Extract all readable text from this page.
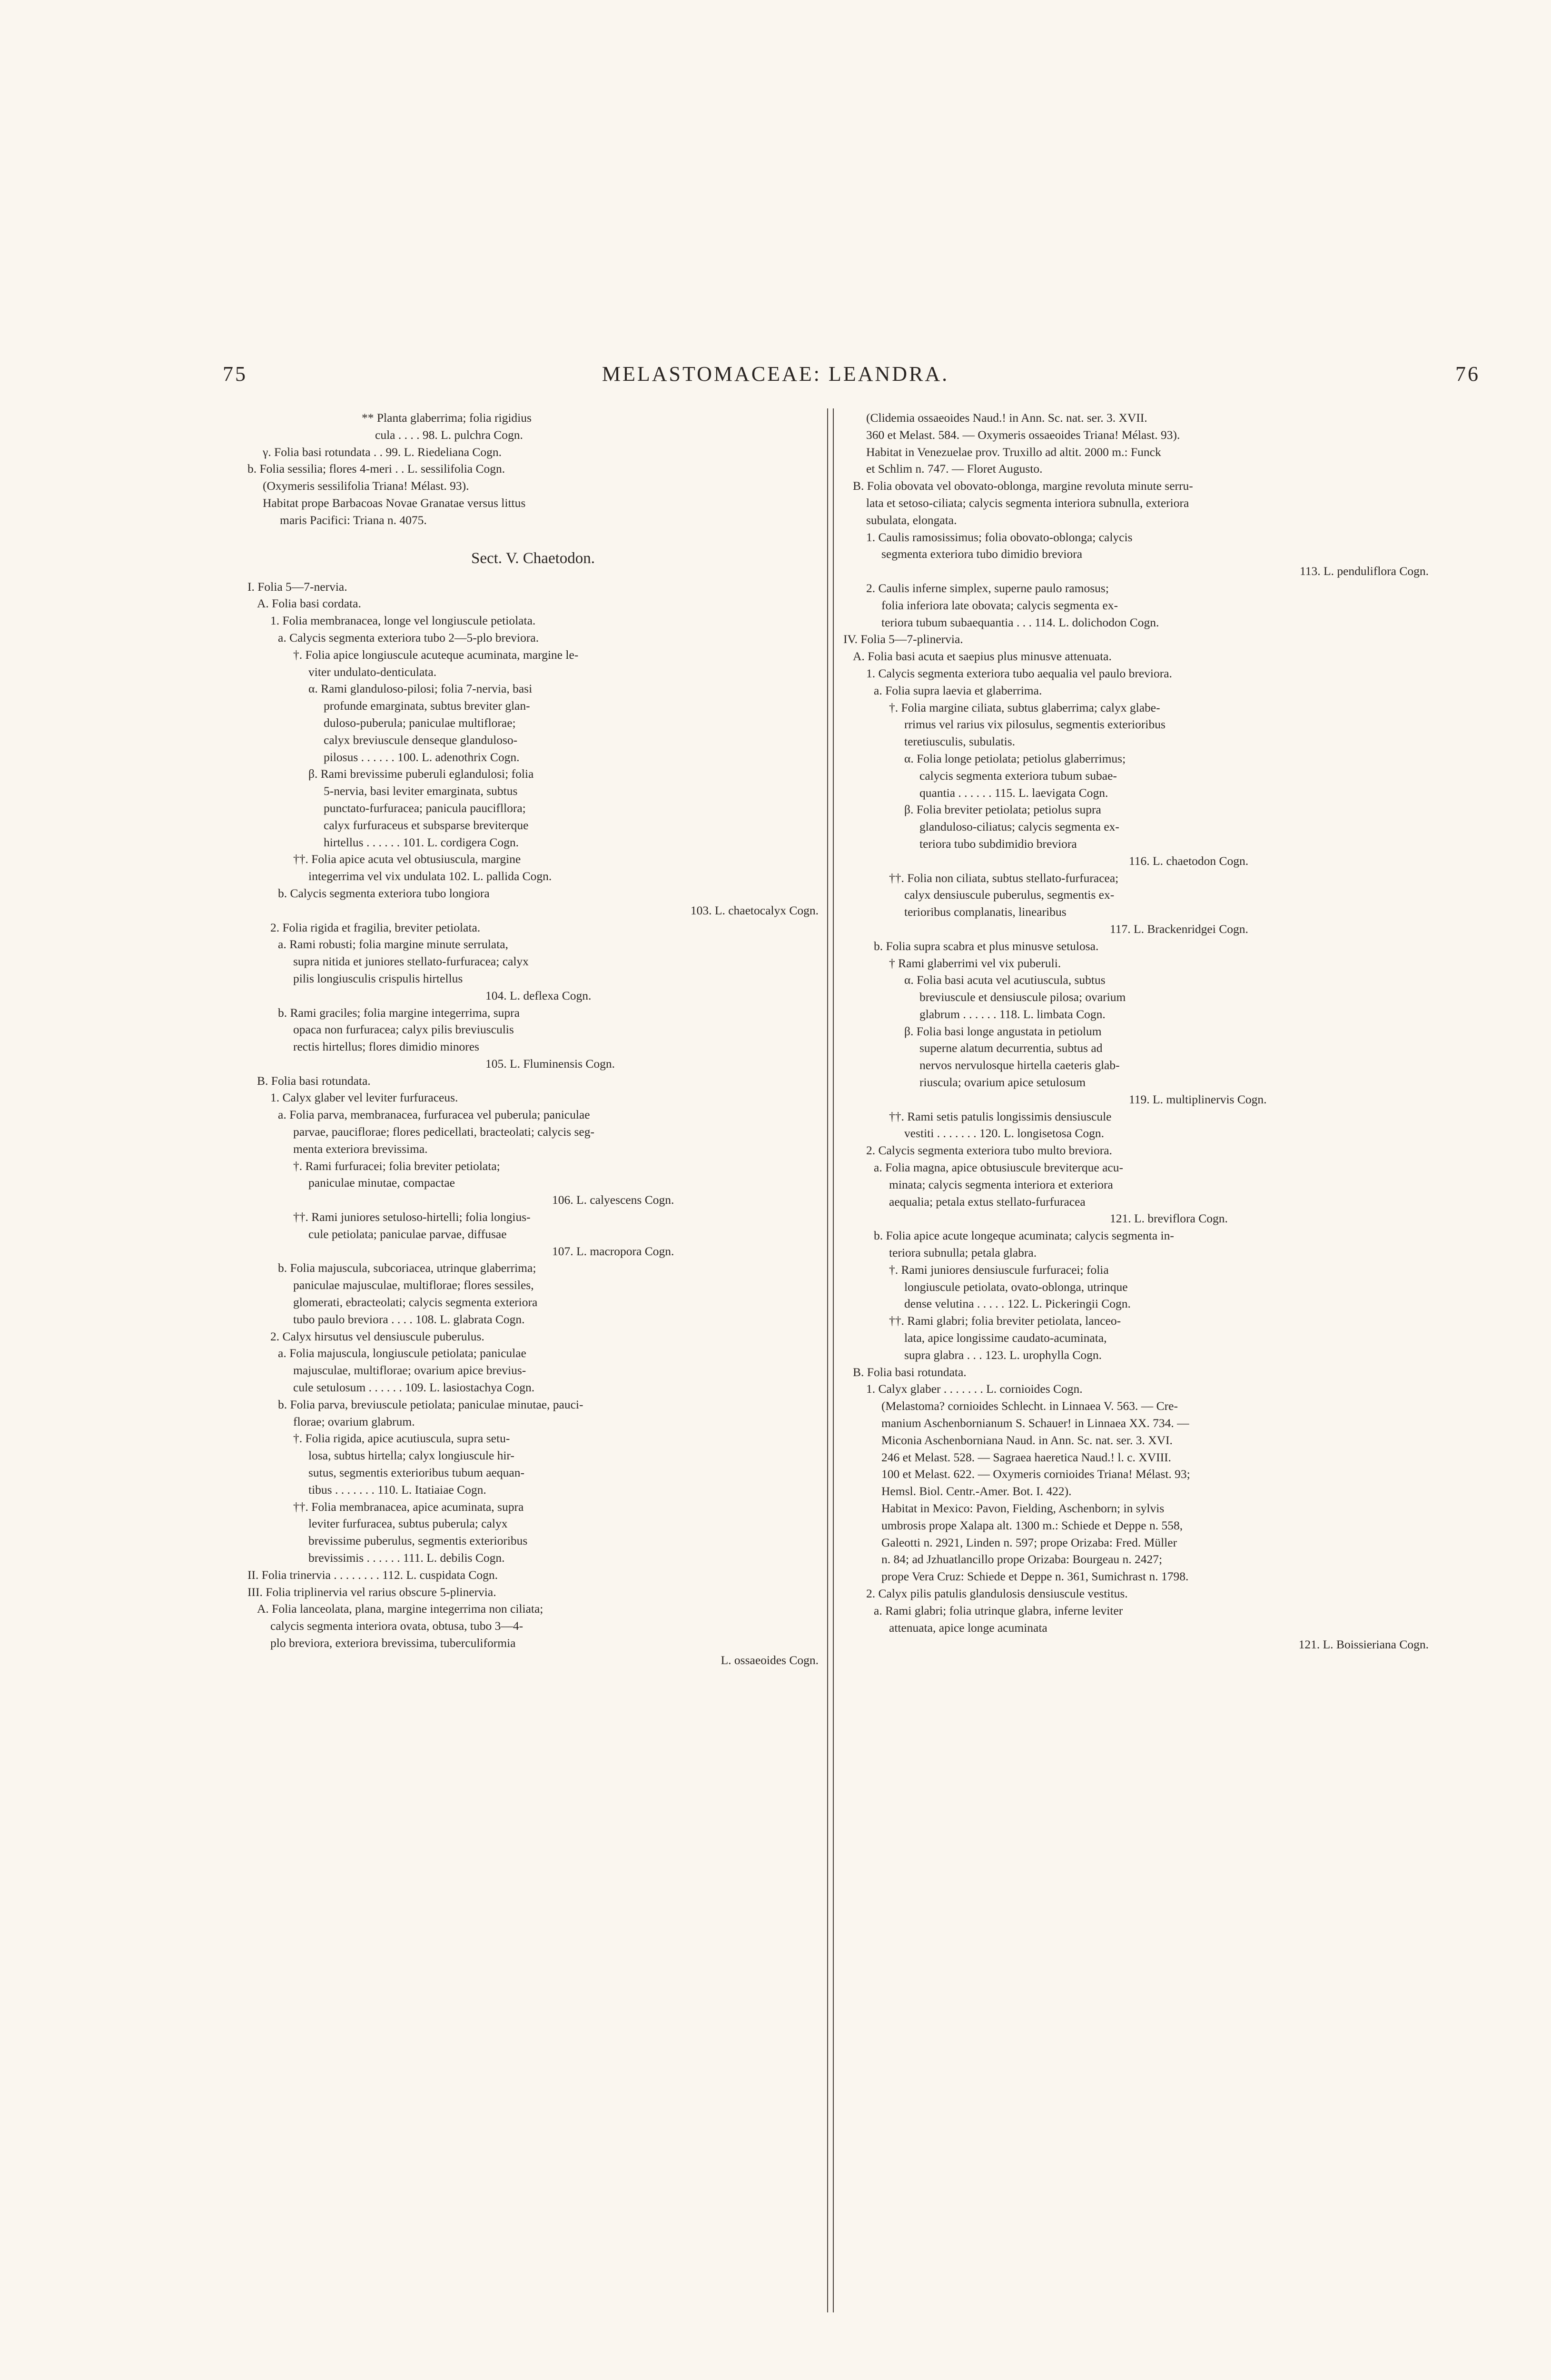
75	MELASTOMACEAE: LEANDRA.	76
** Planta glaberrima; folia rigidius
cula . . . . 98. L. pulchra Cogn.
γ. Folia basi rotundata . . 99. L. Riedeliana Cogn.
b. Folia sessilia; flores 4-meri . . L. sessilifolia Cogn.
(Oxymeris sessilifolia Triana! Mélast. 93).
Habitat prope Barbacoas Novae Granatae versus littus
maris Pacifici: Triana n. 4075.
Sect. V. Chaetodon.
I. Folia 5—7-nervia.
A. Folia basi cordata.
1. Folia membranacea, longe vel longiuscule petiolata.
a. Calycis segmenta exteriora tubo 2—5-plo breviora.
†. Folia apice longiuscule acuteque acuminata, margine le-
viter undulato-denticulata.
α. Rami glanduloso-pilosi; folia 7-nervia, basi
profunde emarginata, subtus breviter glan-
duloso-puberula; paniculae multiflorae;
calyx breviuscule denseque glanduloso-
pilosus . . . . . . 100. L. adenothrix Cogn.
β. Rami brevissime puberuli eglandulosi; folia
5-nervia, basi leviter emarginata, subtus
punctato-furfuracea; panicula paucifllora;
calyx furfuraceus et subsparse breviterque
hirtellus . . . . . . 101. L. cordigera Cogn.
††. Folia apice acuta vel obtusiuscula, margine
integerrima vel vix undulata 102. L. pallida Cogn.
b. Calycis segmenta exteriora tubo longiora
103. L. chaetocalyx Cogn.
2. Folia rigida et fragilia, breviter petiolata.
a. Rami robusti; folia margine minute serrulata,
supra nitida et juniores stellato-furfuracea; calyx
pilis longiusculis crispulis hirtellus
104. L. deflexa Cogn.
b. Rami graciles; folia margine integerrima, supra
opaca non furfuracea; calyx pilis breviusculis
rectis hirtellus; flores dimidio minores
105. L. Fluminensis Cogn.
B. Folia basi rotundata.
1. Calyx glaber vel leviter furfuraceus.
a. Folia parva, membranacea, furfuracea vel puberula; paniculae
parvae, pauciflorae; flores pedicellati, bracteolati; calycis seg-
menta exteriora brevissima.
†. Rami furfuracei; folia breviter petiolata;
paniculae minutae, compactae
106. L. calyescens Cogn.
††. Rami juniores setuloso-hirtelli; folia longius-
cule petiolata; paniculae parvae, diffusae
107. L. macropora Cogn.
b. Folia majuscula, subcoriacea, utrinque glaberrima;
paniculae majusculae, multiflorae; flores sessiles,
glomerati, ebracteolati; calycis segmenta exteriora
tubo paulo breviora . . . . 108. L. glabrata Cogn.
2. Calyx hirsutus vel densiuscule puberulus.
a. Folia majuscula, longiuscule petiolata; paniculae
majusculae, multiflorae; ovarium apice brevius-
cule setulosum . . . . . . 109. L. lasiostachya Cogn.
b. Folia parva, breviuscule petiolata; paniculae minutae, pauci-
florae; ovarium glabrum.
†. Folia rigida, apice acutiuscula, supra setu-
losa, subtus hirtella; calyx longiuscule hir-
sutus, segmentis exterioribus tubum aequan-
tibus . . . . . . . 110. L. Itatiaiae Cogn.
††. Folia membranacea, apice acuminata, supra
leviter furfuracea, subtus puberula; calyx
brevissime puberulus, segmentis exterioribus
brevissimis . . . . . . 111. L. debilis Cogn.
II. Folia trinervia . . . . . . . . 112. L. cuspidata Cogn.
III. Folia triplinervia vel rarius obscure 5-plinervia.
A. Folia lanceolata, plana, margine integerrima non ciliata;
calycis segmenta interiora ovata, obtusa, tubo 3—4-
plo breviora, exteriora brevissima, tuberculiformia
L. ossaeoides Cogn.
(Clidemia ossaeoides Naud.! in Ann. Sc. nat. ser. 3. XVII.
360 et Melast. 584. — Oxymeris ossaeoides Triana! Mélast. 93).
Habitat in Venezuelae prov. Truxillo ad altit. 2000 m.: Funck
et Schlim n. 747. — Floret Augusto.
B. Folia obovata vel obovato-oblonga, margine revoluta minute serru-
lata et setoso-ciliata; calycis segmenta interiora subnulla, exteriora
subulata, elongata.
1. Caulis ramosissimus; folia obovato-oblonga; calycis
segmenta exteriora tubo dimidio breviora
113. L. penduliflora Cogn.
2. Caulis inferne simplex, superne paulo ramosus;
folia inferiora late obovata; calycis segmenta ex-
teriora tubum subaequantia . . . 114. L. dolichodon Cogn.
IV. Folia 5—7-plinervia.
A. Folia basi acuta et saepius plus minusve attenuata.
1. Calycis segmenta exteriora tubo aequalia vel paulo breviora.
a. Folia supra laevia et glaberrima.
†. Folia margine ciliata, subtus glaberrima; calyx glabe-
rrimus vel rarius vix pilosulus, segmentis exterioribus
teretiusculis, subulatis.
α. Folia longe petiolata; petiolus glaberrimus;
calycis segmenta exteriora tubum subae-
quantia . . . . . . 115. L. laevigata Cogn.
β. Folia breviter petiolata; petiolus supra
glanduloso-ciliatus; calycis segmenta ex-
teriora tubo subdimidio breviora
116. L. chaetodon Cogn.
††. Folia non ciliata, subtus stellato-furfuracea;
calyx densiuscule puberulus, segmentis ex-
terioribus complanatis, linearibus
117. L. Brackenridgei Cogn.
b. Folia supra scabra et plus minusve setulosa.
† Rami glaberrimi vel vix puberuli.
α. Folia basi acuta vel acutiuscula, subtus
breviuscule et densiuscule pilosa; ovarium
glabrum . . . . . . 118. L. limbata Cogn.
β. Folia basi longe angustata in petiolum
superne alatum decurrentia, subtus ad
nervos nervulosque hirtella caeteris glab-
riuscula; ovarium apice setulosum
119. L. multiplinervis Cogn.
††. Rami setis patulis longissimis densiuscule
vestiti . . . . . . . 120. L. longisetosa Cogn.
2. Calycis segmenta exteriora tubo multo breviora.
a. Folia magna, apice obtusiuscule breviterque acu-
minata; calycis segmenta interiora et exteriora
aequalia; petala extus stellato-furfuracea
121. L. breviflora Cogn.
b. Folia apice acute longeque acuminata; calycis segmenta in-
teriora subnulla; petala glabra.
†. Rami juniores densiuscule furfuracei; folia
longiuscule petiolata, ovato-oblonga, utrinque
dense velutina . . . . . 122. L. Pickeringii Cogn.
††. Rami glabri; folia breviter petiolata, lanceo-
lata, apice longissime caudato-acuminata,
supra glabra . . . 123. L. urophylla Cogn.
B. Folia basi rotundata.
1. Calyx glaber . . . . . . . L. cornioides Cogn.
(Melastoma? cornioides Schlecht. in Linnaea V. 563. — Cre-
manium Aschenbornianum S. Schauer! in Linnaea XX. 734. —
Miconia Aschenborniana Naud. in Ann. Sc. nat. ser. 3. XVI.
246 et Melast. 528. — Sagraea haeretica Naud.! l. c. XVIII.
100 et Melast. 622. — Oxymeris cornioides Triana! Mélast. 93;
Hemsl. Biol. Centr.-Amer. Bot. I. 422).
Habitat in Mexico: Pavon, Fielding, Aschenborn; in sylvis
umbrosis prope Xalapa alt. 1300 m.: Schiede et Deppe n. 558,
Galeotti n. 2921, Linden n. 597; prope Orizaba: Fred. Müller
n. 84; ad Jzhuatlancillo prope Orizaba: Bourgeau n. 2427;
prope Vera Cruz: Schiede et Deppe n. 361, Sumichrast n. 1798.
2. Calyx pilis patulis glandulosis densiuscule vestitus.
a. Rami glabri; folia utrinque glabra, inferne leviter
attenuata, apice longe acuminata
121. L. Boissieriana Cogn.
